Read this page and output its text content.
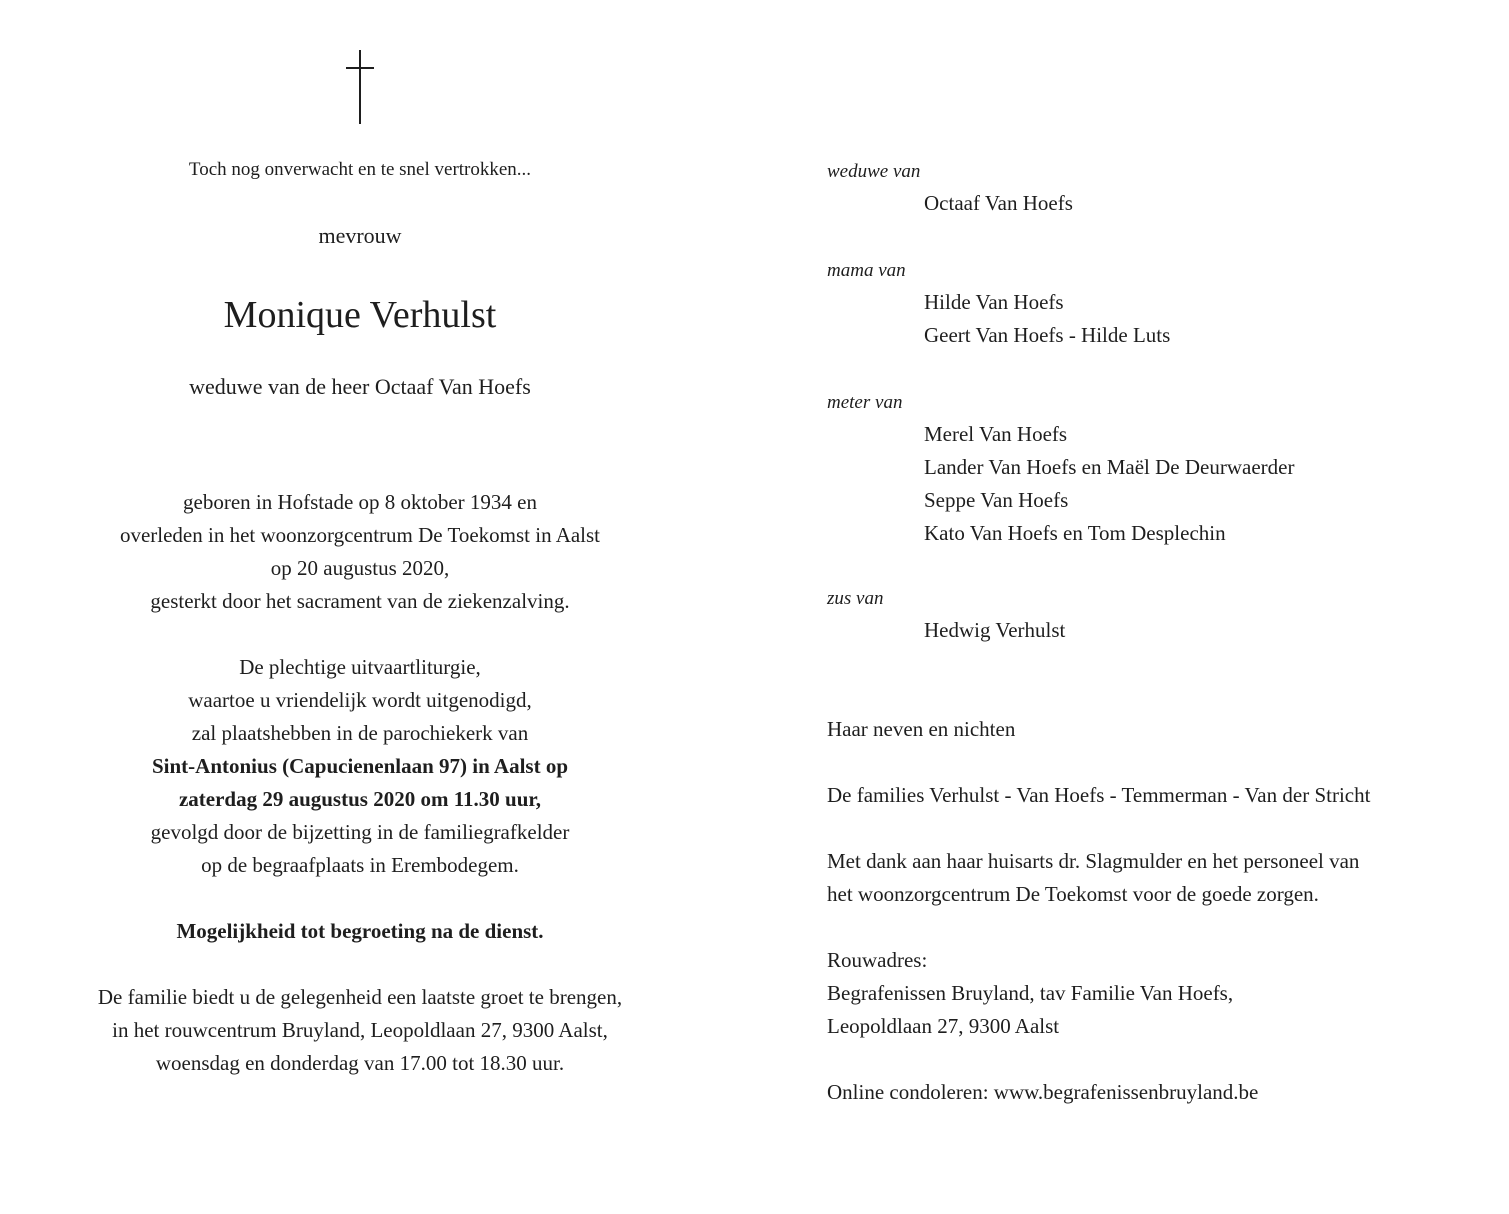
Toch nog onverwacht en te snel vertrokken...
mevrouw
Monique Verhulst
weduwe van de heer Octaaf Van Hoefs
geboren in Hofstade op 8 oktober 1934 en
overleden in het woonzorgcentrum De Toekomst in Aalst
op 20 augustus 2020,
gesterkt door het sacrament van de ziekenzalving.
De plechtige uitvaartliturgie,
waartoe u vriendelijk wordt uitgenodigd,
zal plaatshebben in de parochiekerk van
Sint-Antonius (Capucienenlaan 97) in Aalst op
zaterdag 29 augustus 2020 om 11.30 uur,
gevolgd door de bijzetting in de familiegrafkelder
op de begraafplaats in Erembodegem.
Mogelijkheid tot begroeting na de dienst.
De familie biedt u de gelegenheid een laatste groet te brengen,
in het rouwcentrum Bruyland, Leopoldlaan 27, 9300 Aalst,
woensdag en donderdag van 17.00 tot 18.30 uur.
weduwe van
Octaaf Van Hoefs
mama van
Hilde Van Hoefs
Geert Van Hoefs - Hilde Luts
meter van
Merel Van Hoefs
Lander Van Hoefs en Maël De Deurwaerder
Seppe Van Hoefs
Kato Van Hoefs en Tom Desplechin
zus van
Hedwig Verhulst
Haar neven en nichten
De families Verhulst - Van Hoefs - Temmerman - Van der Stricht
Met dank aan haar huisarts dr. Slagmulder en het personeel van
het woonzorgcentrum De Toekomst voor de goede zorgen.
Rouwadres:
Begrafenissen Bruyland, tav Familie Van Hoefs,
Leopoldlaan 27, 9300 Aalst
Online condoleren: www.begrafenissenbruyland.be
